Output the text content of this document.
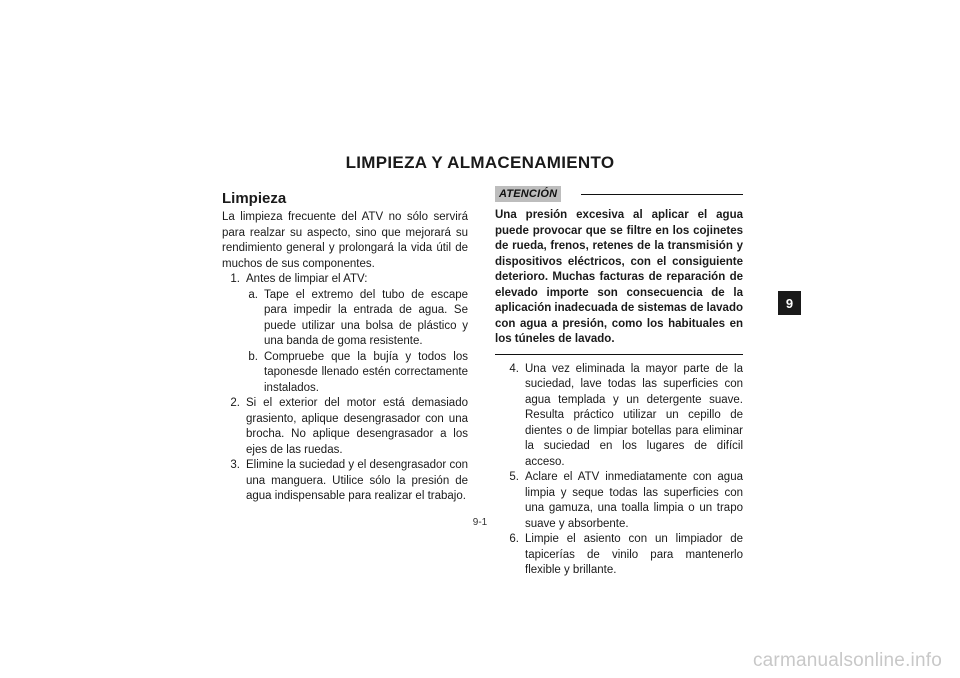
LIMPIEZA Y ALMACENAMIENTO
Limpieza

La limpieza frecuente del ATV no sólo servirá para realzar su aspecto, sino que mejorará su rendimiento general y prolongará la vida útil de muchos de sus componentes.

1. Antes de limpiar el ATV:
a. Tape el extremo del tubo de escape para impedir la entrada de agua. Se puede utilizar una bolsa de plástico y una banda de goma resistente.
b. Compruebe que la bujía y todos los taponesde llenado estén correctamente instalados.
2. Si el exterior del motor está demasiado grasiento, aplique desengrasador con una brocha. No aplique desengrasador a los ejes de las ruedas.
3. Elimine la suciedad y el desengrasador con una manguera. Utilice sólo la presión de agua indispensable para realizar el trabajo.
ATENCIÓN
Una presión excesiva al aplicar el agua puede provocar que se filtre en los cojinetes de rueda, frenos, retenes de la transmisión y dispositivos eléctricos, con el consiguiente deterioro. Muchas facturas de reparación de elevado importe son consecuencia de la aplicación inadecuada de sistemas de lavado con agua a presión, como los habituales en los túneles de lavado.
4. Una vez eliminada la mayor parte de la suciedad, lave todas las superficies con agua templada y un detergente suave. Resulta práctico utilizar un cepillo de dientes o de limpiar botellas para eliminar la suciedad en los lugares de difícil acceso.
5. Aclare el ATV inmediatamente con agua limpia y seque todas las superficies con una gamuza, una toalla limpia o un trapo suave y absorbente.
6. Limpie el asiento con un limpiador de tapicerías de vinilo para mantenerlo flexible y brillante.
9
9-1
carmanualsonline.info
